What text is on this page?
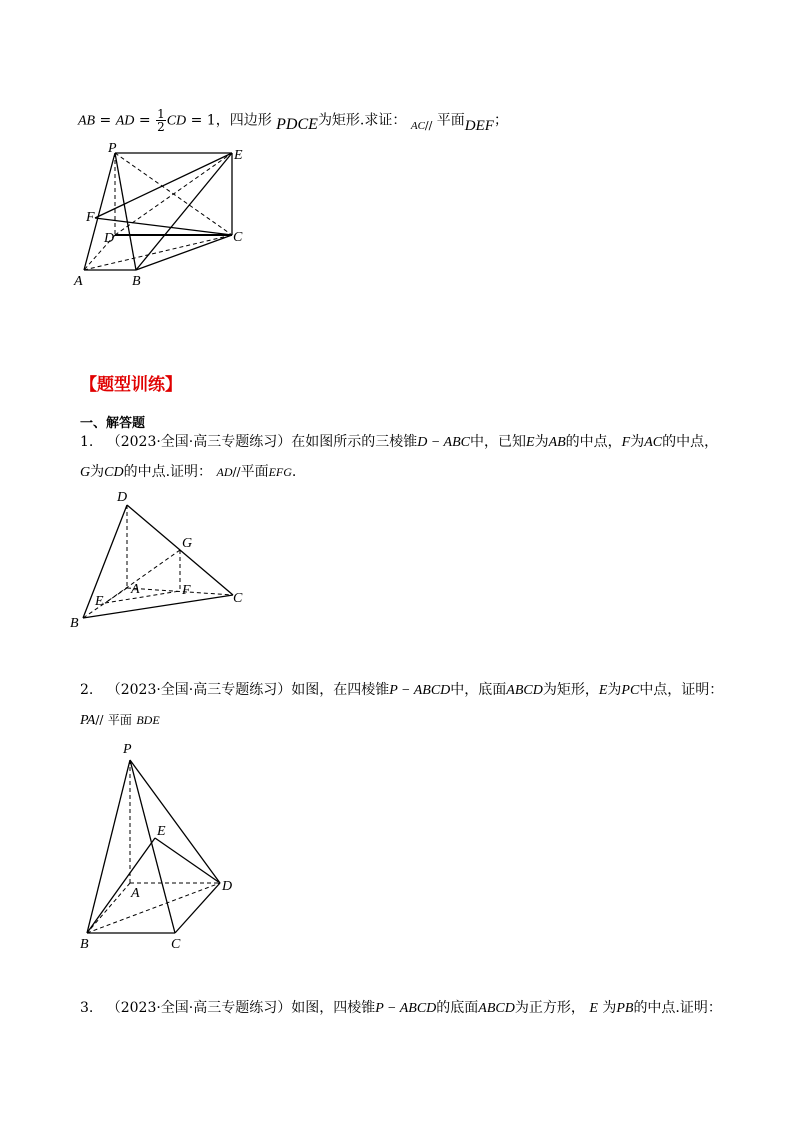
AB = AD = $\frac{1}{2}$ CD = 1，四边形 PDCE为矩形.求证： $_{AC//}$ 平面DEF；
P	E
F
D	C
A	B
【题型训练】
一、解答题
1. （2023·全国·高三专题练习）在如图所示的三棱锥D − ABC中，已知E为AB的中点，F为AC的中点，
G为CD的中点.证明： AD//平面EFG.
D
G
A	F
E	C
B
2. （2023·全国·高三专题练习）如图，在四棱锥P − ABCD中，底面ABCD为矩形，E为PC中点，证明：
PA// 平面 BDE
P
E
D
A
B	C
3. （2023·全国·高三专题练习）如图，四棱锥P − ABCD的底面ABCD为正方形， E 为PB的中点.证明：
